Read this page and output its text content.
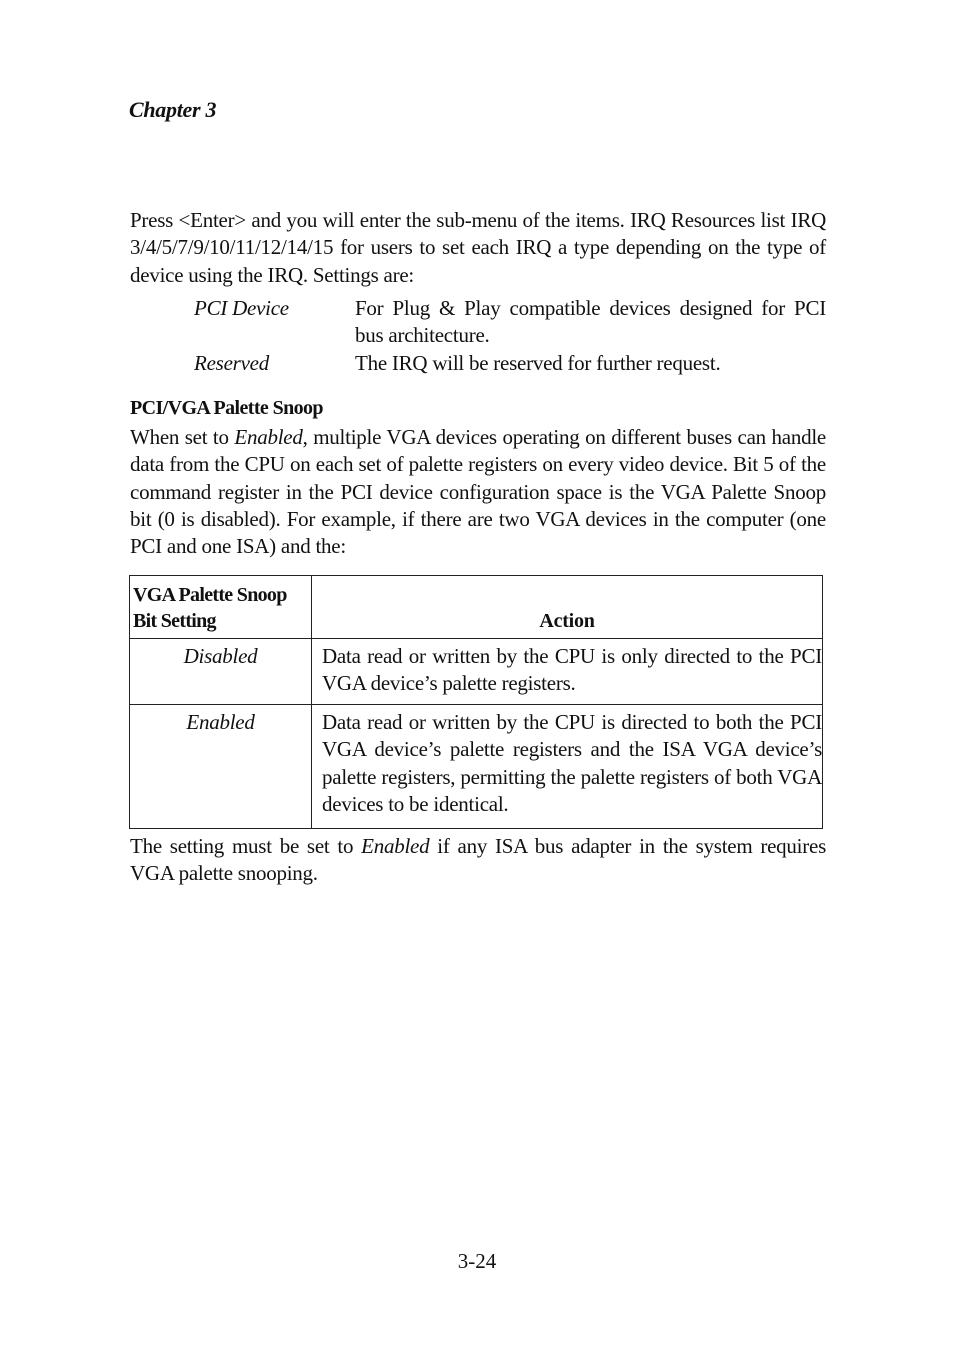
Chapter 3
Press <Enter> and you will enter the sub-menu of the items. IRQ Resources list IRQ 3/4/5/7/9/10/11/12/14/15 for users to set each IRQ a type depending on the type of device using the IRQ. Settings are:
PCI Device	For Plug & Play compatible devices designed for PCI bus architecture.
Reserved	The IRQ will be reserved for further request.
PCI/VGA Palette Snoop
When set to Enabled, multiple VGA devices operating on different buses can handle data from the CPU on each set of palette registers on every video device. Bit 5 of the command register in the PCI device configuration space is the VGA Palette Snoop bit (0 is disabled). For example, if there are two VGA devices in the computer (one PCI and one ISA) and the:
VGA Palette Snoop
Bit Setting	Action
Disabled	Data read or written by the CPU is only directed to the PCI VGA device’s palette registers.
Enabled	Data read or written by the CPU is directed to both the PCI VGA device’s palette registers and the ISA VGA device’s palette registers, permitting the palette registers of both VGA devices to be identical.
The setting must be set to Enabled if any ISA bus adapter in the system requires VGA palette snooping.
3-24
